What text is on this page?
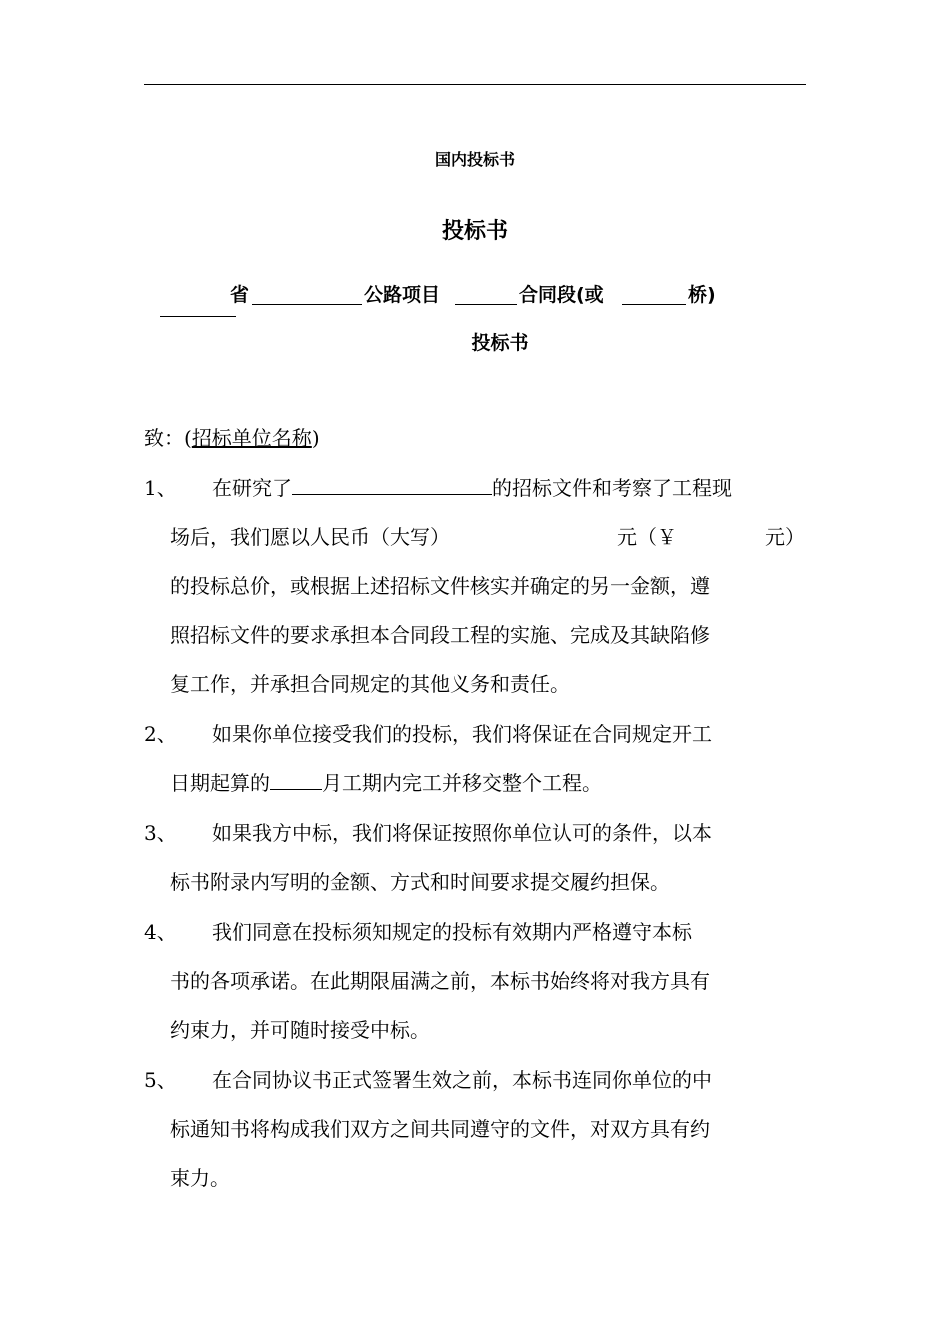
国内投标书
投标书
省	公路项目	合同段(或	桥)
投标书
致：(招标单位名称)
1、 在研究了	的招标文件和考察了工程现
场后，我们愿以人民币（大写）	元（￥	元）
的投标总价，或根据上述招标文件核实并确定的另一金额，遵
照招标文件的要求承担本合同段工程的实施、完成及其缺陷修
复工作，并承担合同规定的其他义务和责任。
2、 如果你单位接受我们的投标，我们将保证在合同规定开工
日期起算的	月工期内完工并移交整个工程。
3、 如果我方中标，我们将保证按照你单位认可的条件，以本
标书附录内写明的金额、方式和时间要求提交履约担保。
4、 我们同意在投标须知规定的投标有效期内严格遵守本标
书的各项承诺。在此期限届满之前，本标书始终将对我方具有
约束力，并可随时接受中标。
5、 在合同协议书正式签署生效之前，本标书连同你单位的中
标通知书将构成我们双方之间共同遵守的文件，对双方具有约
束力。
